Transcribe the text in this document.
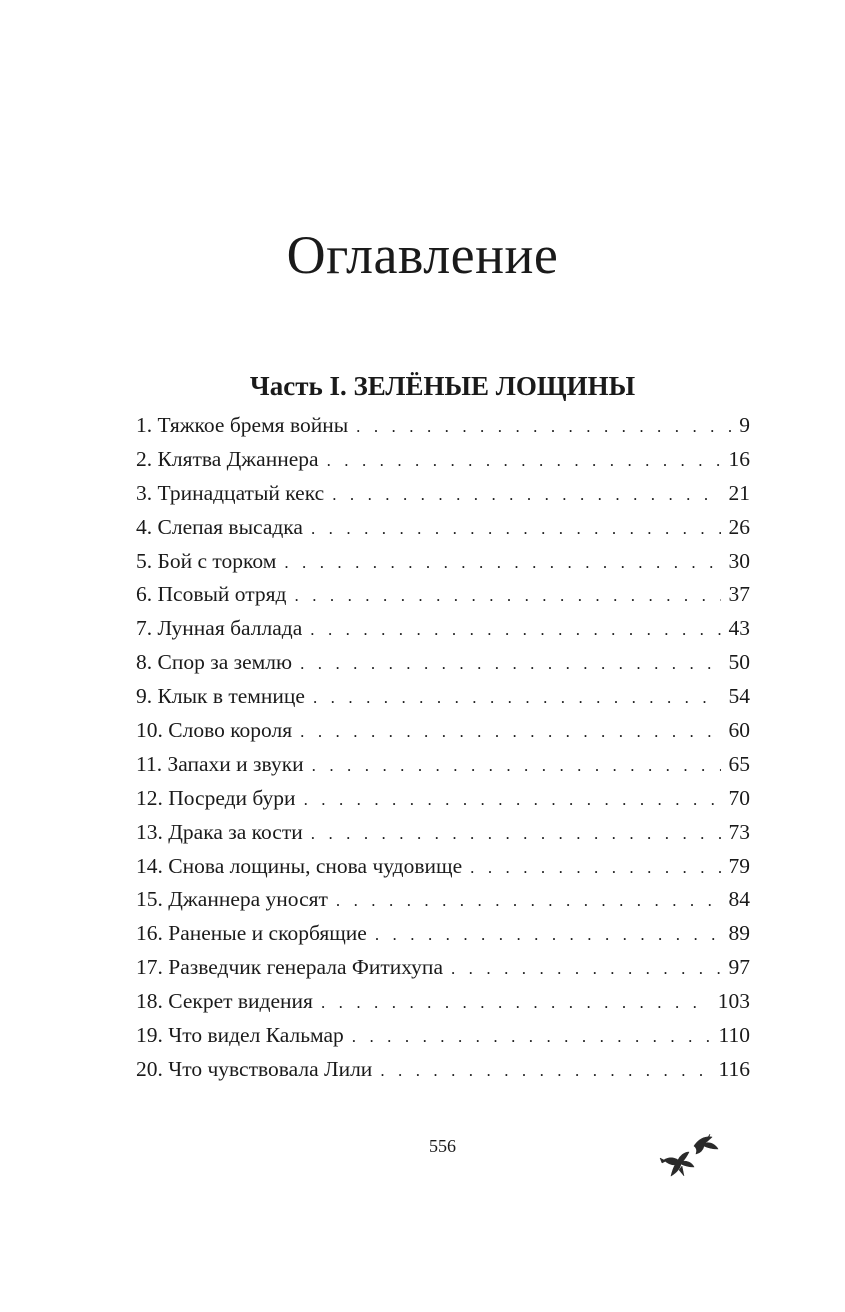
Оглавление
Часть I. ЗЕЛЁНЫЕ ЛОЩИНЫ
1. Тяжкое бремя войны . . .	9
2. Клятва Джаннера . . .	16
3. Тринадцатый кекс . . .	21
4. Слепая высадка . . .	26
5. Бой с торком . . .	30
6. Псовый отряд . . .	37
7. Лунная баллада . . .	43
8. Спор за землю . . .	50
9. Клык в темнице . . .	54
10. Слово короля . . .	60
11. Запахи и звуки . . .	65
12. Посреди бури . . .	70
13. Драка за кости . . .	73
14. Снова лощины, снова чудовище . . .	79
15. Джаннера уносят . . .	84
16. Раненые и скорбящие . . .	89
17. Разведчик генерала Фитихупа . . .	97
18. Секрет видения . . .	103
19. Что видел Кальмар . . .	110
20. Что чувствовала Лили . . .	116

556
